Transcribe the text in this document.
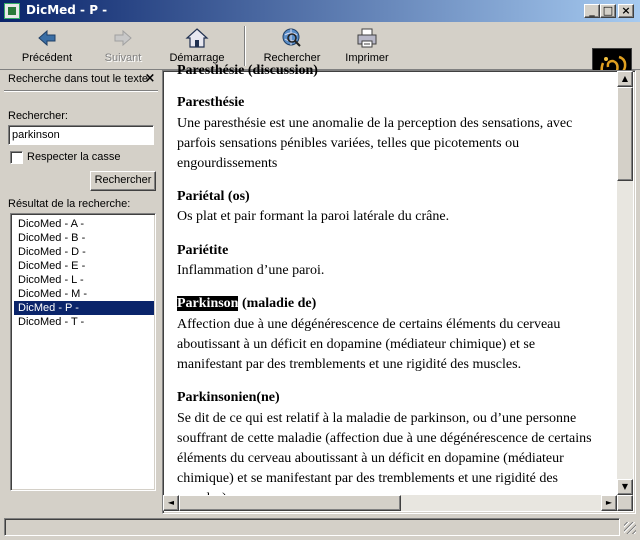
DicMed - P -	_ □ ×
Précédent	Suivant	Démarrage	Rechercher	Imprimer
Recherche dans tout le texte
×
Rechercher:
parkinson
Respecter la casse
Rechercher
Résultat de la recherche:
DicoMed - A -
DicoMed - B -
DicoMed - D -
DicoMed - E -
DicoMed - L -
DicoMed - M -
DicMed - P -
DicoMed - T -
Paresthésie (discussion)
Paresthésie
Une paresthésie est une anomalie de la perception des sensations, avec parfois sensations pénibles variées, telles que picotements ou engourdissements
Pariétal (os)
Os plat et pair formant la paroi latérale du crâne.
Pariétite
Inflammation d’une paroi.
Parkinson (maladie de)
Affection due à une dégénérescence de certains éléments du cerveau aboutissant à un déficit en dopamine (médiateur chimique) et se manifestant par des tremblements et une rigidité des muscles.
Parkinsonien(ne)
Se dit de ce qui est relatif à la maladie de parkinson, ou d’une personne souffrant de cette maladie (affection due à une dégénérescence de certains éléments du cerveau aboutissant à un déficit en dopamine (médiateur chimique) et se manifestant par des tremblements et une rigidité des
▲
▼
◄	►
